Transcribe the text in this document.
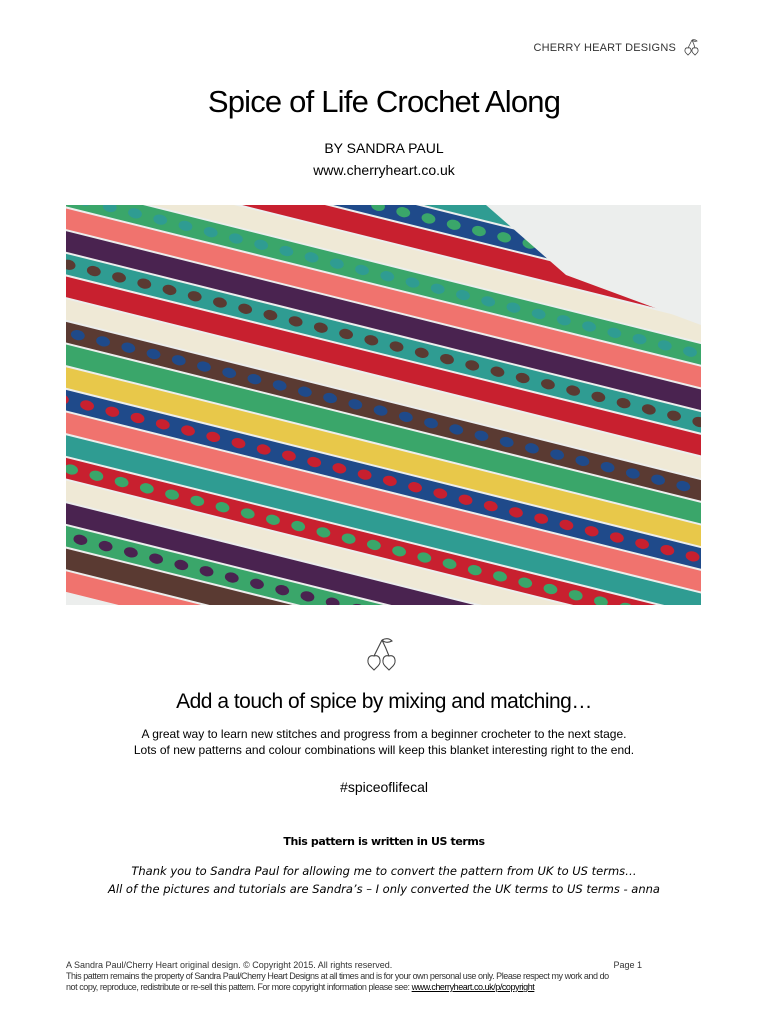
CHERRY HEART DESIGNS
Spice of Life Crochet Along
BY SANDRA PAUL
www.cherryheart.co.uk
Add a touch of spice by mixing and matching…
A great way to learn new stitches and progress from a beginner crocheter to the next stage.
Lots of new patterns and colour combinations will keep this blanket interesting right to the end.
#spiceoflifecal
This pattern is written in US terms
Thank you to Sandra Paul for allowing me to convert the pattern from UK to US terms…
All of the pictures and tutorials are Sandra’s – I only converted the UK terms to US terms - anna
A Sandra Paul/Cherry Heart original design. © Copyright 2015. All rights reserved.	Page 1
This pattern remains the property of Sandra Paul/Cherry Heart Designs at all times and is for your own personal use only. Please respect my work and do
not copy, reproduce, redistribute or re-sell this pattern. For more copyright information please see: www.cherryheart.co.uk/p/copyright
